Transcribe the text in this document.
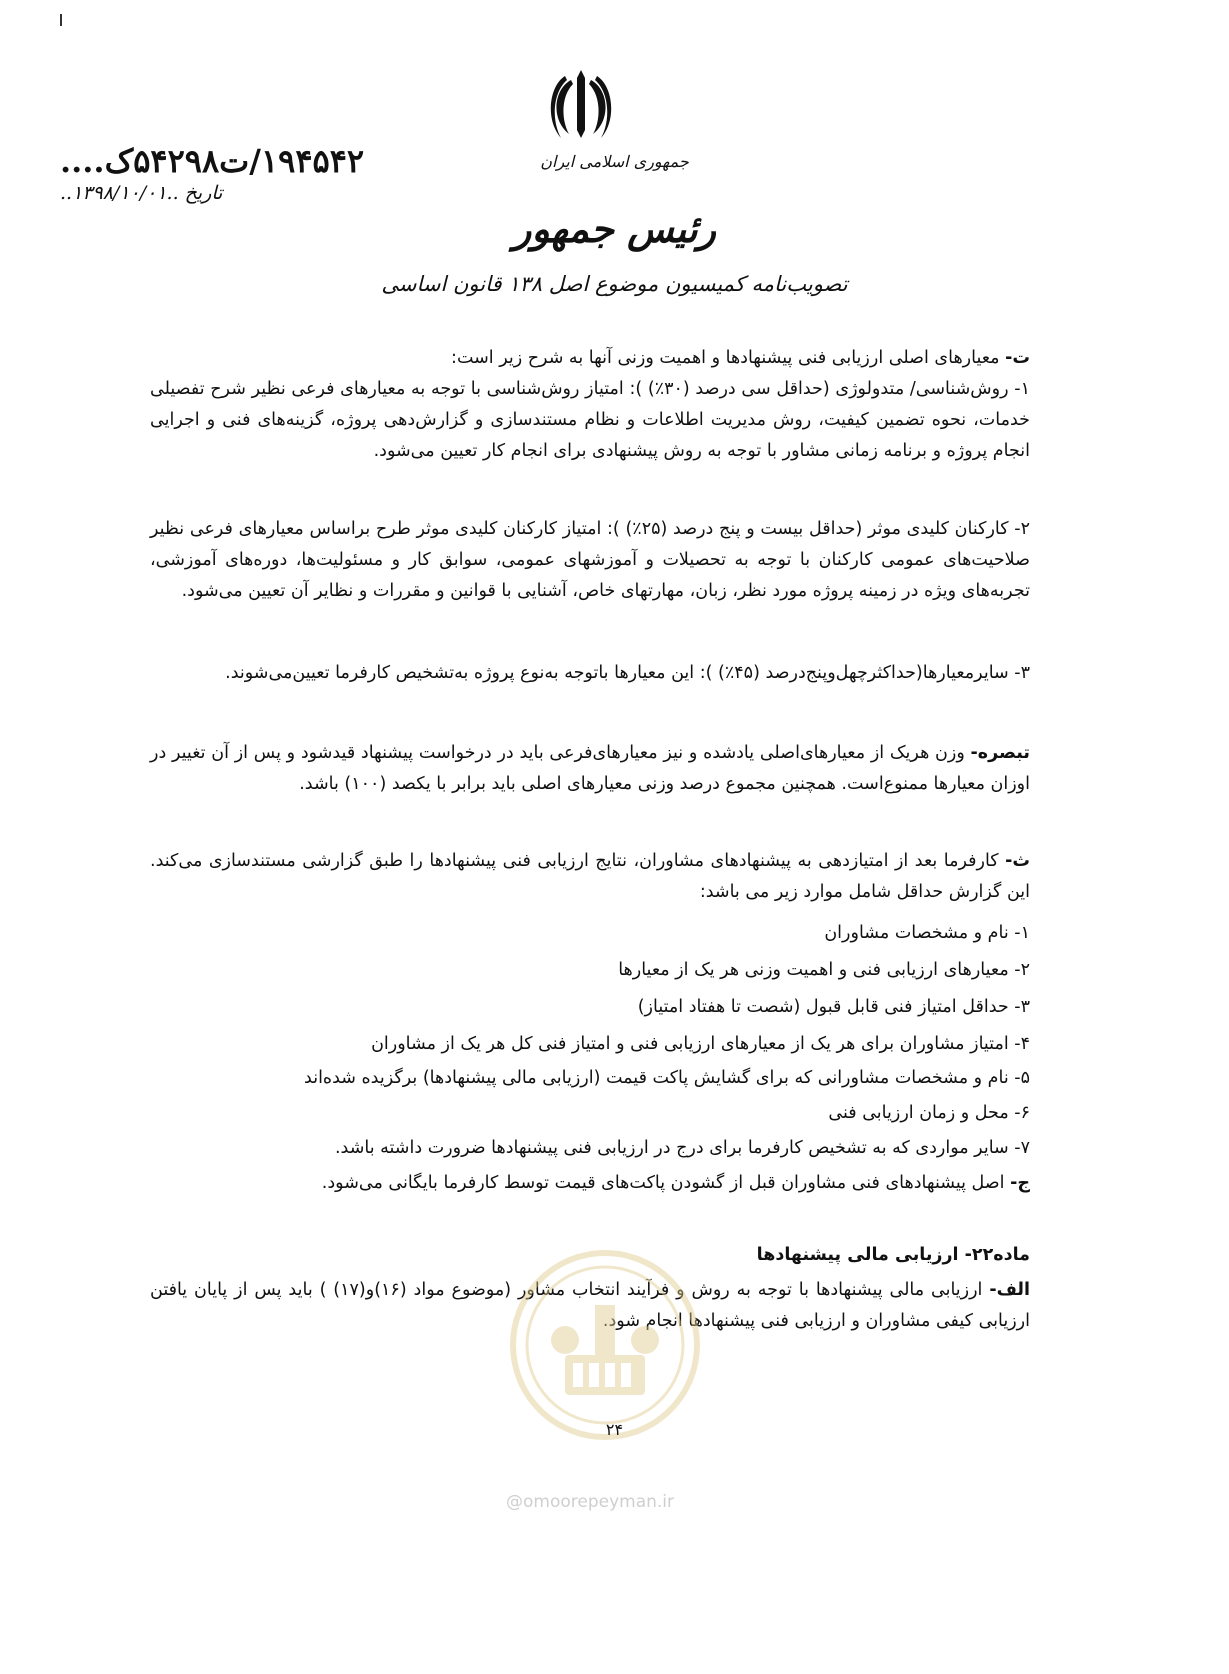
جمهوری اسلامی ایران
رئیس جمهور
تصویب‌نامه کمیسیون موضوع اصل ۱۳۸ قانون اساسی
۱۹۴۵۴۲/ت۵۴۲۹۸ک....
تاریخ ..۱۳۹۸/۱۰/۰۱..

ت- معیارهای اصلی ارزیابی فنی پیشنهادها و اهمیت وزنی آنها به شرح زیر است:

۱- روش‌شناسی/ متدولوژی (حداقل سی درصد (۳۰٪) ): امتیاز روش‌شناسی با توجه به معیارهای فرعی نظیر شرح تفصیلی خدمات، نحوه تضمین کیفیت، روش مدیریت اطلاعات و نظام مستندسازی و گزارش‌دهی پروژه، گزینه‌های فنی و اجرایی انجام پروژه و برنامه زمانی مشاور با توجه به روش پیشنهادی برای انجام کار تعیین می‌شود.

۲- کارکنان کلیدی موثر (حداقل بیست و پنج درصد (۲۵٪) ): امتیاز کارکنان کلیدی موثر طرح براساس معیارهای فرعی نظیر صلاحیت‌های عمومی کارکنان با توجه به تحصیلات و آموزشهای عمومی، سوابق کار و مسئولیت‌ها، دوره‌های آموزشی، تجربه‌های ویژه در زمینه پروژه مورد نظر، زبان، مهارتهای خاص، آشنایی با قوانین و مقررات و نظایر آن تعیین می‌شود.

۳- سایرمعیارها(حداکثرچهل‌وپنج‌درصد (۴۵٪) ): این معیارها باتوجه به‌نوع پروژه به‌تشخیص کارفرما تعیین‌می‌شوند.

تبصره- وزن هریک از معیارهای‌اصلی یادشده و نیز معیارهای‌فرعی باید در درخواست پیشنهاد قیدشود و پس از آن تغییر در اوزان معیارها ممنوع‌است. همچنین مجموع درصد وزنی معیارهای اصلی باید برابر با یکصد (۱۰۰) باشد.

ث- کارفرما بعد از امتیازدهی به پیشنهادهای مشاوران، نتایج ارزیابی فنی پیشنهادها را طبق گزارشی مستندسازی می‌کند. این گزارش حداقل شامل موارد زیر می باشد:

۱- نام و مشخصات مشاوران
۲- معیارهای ارزیابی فنی و اهمیت وزنی هر یک از معیارها
۳- حداقل امتیاز فنی قابل قبول (شصت تا هفتاد امتیاز)
۴- امتیاز مشاوران برای هر یک از معیارهای ارزیابی فنی و امتیاز فنی کل هر یک از مشاوران
۵- نام و مشخصات مشاورانی که برای گشایش پاکت قیمت (ارزیابی مالی پیشنهادها) برگزیده شده‌اند
۶- محل و زمان ارزیابی فنی
۷- سایر مواردی که به تشخیص کارفرما برای درج در ارزیابی فنی پیشنهادها ضرورت داشته باشد.

ج- اصل پیشنهادهای فنی مشاوران قبل از گشودن پاکت‌های قیمت توسط کارفرما بایگانی می‌شود.

ماده۲۲- ارزیابی مالی پیشنهادها

الف- ارزیابی مالی پیشنهادها با توجه به روش و فرآیند انتخاب مشاور (موضوع مواد (۱۶)و(۱۷) ) باید پس از پایان یافتن ارزیابی کیفی مشاوران و ارزیابی فنی پیشنهادها انجام شود.

@omoorepeyman.ir
۲۴
